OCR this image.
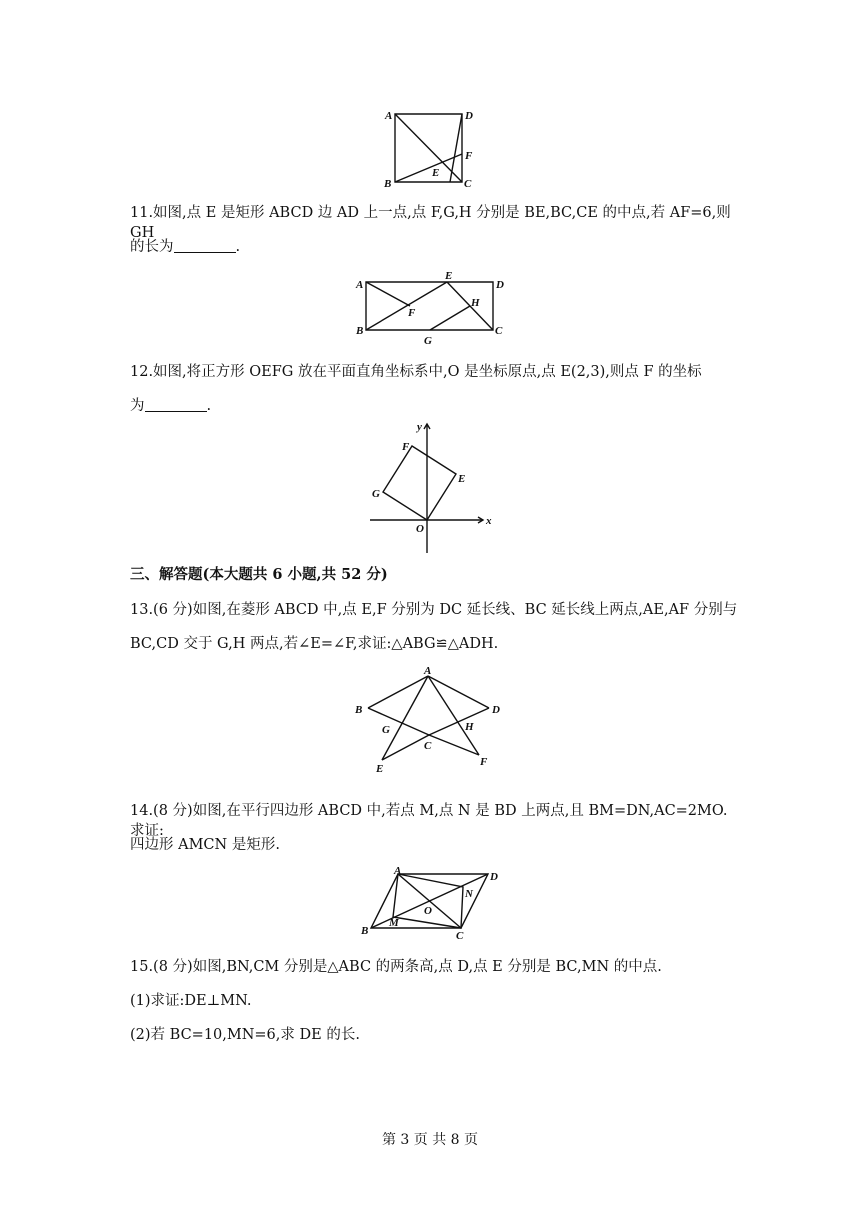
A	D
F
E
B	C

11.如图,点 E 是矩形 ABCD 边 AD 上一点,点 F,G,H 分别是 BE,BC,CE 的中点,若 AF=6,则 GH

的长为	.

A
E
D
H
F
B
G
C

12.如图,将正方形 OEFG 放在平面直角坐标系中,O 是坐标原点,点 E(2,3),则点 F 的坐标

为	.

x
y
F
E
G
O

三、解答题(本大题共 6 小题,共 52 分)

13.(6 分)如图,在菱形 ABCD 中,点 E,F 分别为 DC 延长线、BC 延长线上两点,AE,AF 分别与

BC,CD 交于 G,H 两点,若∠E=∠F,求证:△ABG≌△ADH.

A
B	D
G	H
C
E
F

14.(8 分)如图,在平行四边形 ABCD 中,若点 M,点 N 是 BD 上两点,且 BM=DN,AC=2MO.求证:

四边形 AMCN 是矩形.

A	D
N
O
M
B	C

15.(8 分)如图,BN,CM 分别是△ABC 的两条高,点 D,点 E 分别是 BC,MN 的中点.

(1)求证:DE⊥MN.

(2)若 BC=10,MN=6,求 DE 的长.

第 3 页 共 8 页
